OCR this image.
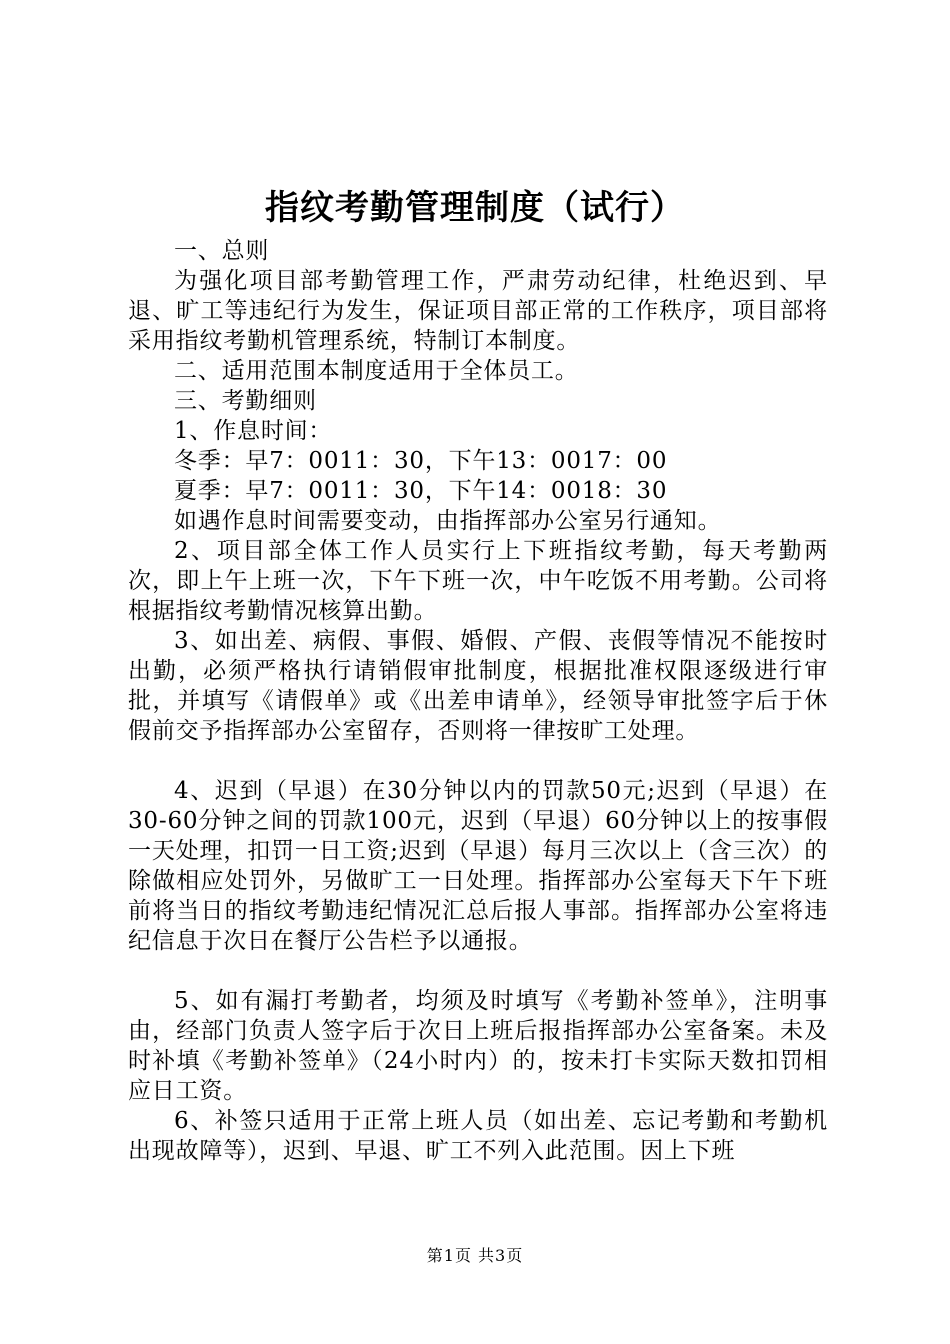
指纹考勤管理制度（试行）

一、总则

为强化项目部考勤管理工作，严肃劳动纪律，杜绝迟到、早退、旷工等违纪行为发生，保证项目部正常的工作秩序，项目部将采用指纹考勤机管理系统，特制订本制度。

二、适用范围本制度适用于全体员工。

三、考勤细则

1、作息时间：

冬季：早7：0011：30，下午13：0017：00

夏季：早7：0011：30，下午14：0018：30

如遇作息时间需要变动，由指挥部办公室另行通知。

2、项目部全体工作人员实行上下班指纹考勤，每天考勤两次，即上午上班一次，下午下班一次，中午吃饭不用考勤。公司将根据指纹考勤情况核算出勤。

3、如出差、病假、事假、婚假、产假、丧假等情况不能按时出勤，必须严格执行请销假审批制度，根据批准权限逐级进行审批，并填写《请假单》或《出差申请单》，经领导审批签字后于休假前交予指挥部办公室留存，否则将一律按旷工处理。

4、迟到（早退）在30分钟以内的罚款50元;迟到（早退）在30-60分钟之间的罚款100元，迟到（早退）60分钟以上的按事假一天处理，扣罚一日工资;迟到（早退）每月三次以上（含三次）的除做相应处罚外，另做旷工一日处理。指挥部办公室每天下午下班前将当日的指纹考勤违纪情况汇总后报人事部。指挥部办公室将违纪信息于次日在餐厅公告栏予以通报。

5、如有漏打考勤者，均须及时填写《考勤补签单》，注明事由，经部门负责人签字后于次日上班后报指挥部办公室备案。未及时补填《考勤补签单》（24小时内）的，按未打卡实际天数扣罚相应日工资。

6、补签只适用于正常上班人员（如出差、忘记考勤和考勤机出现故障等），迟到、早退、旷工不列入此范围。因上下班

第1页 共3页
